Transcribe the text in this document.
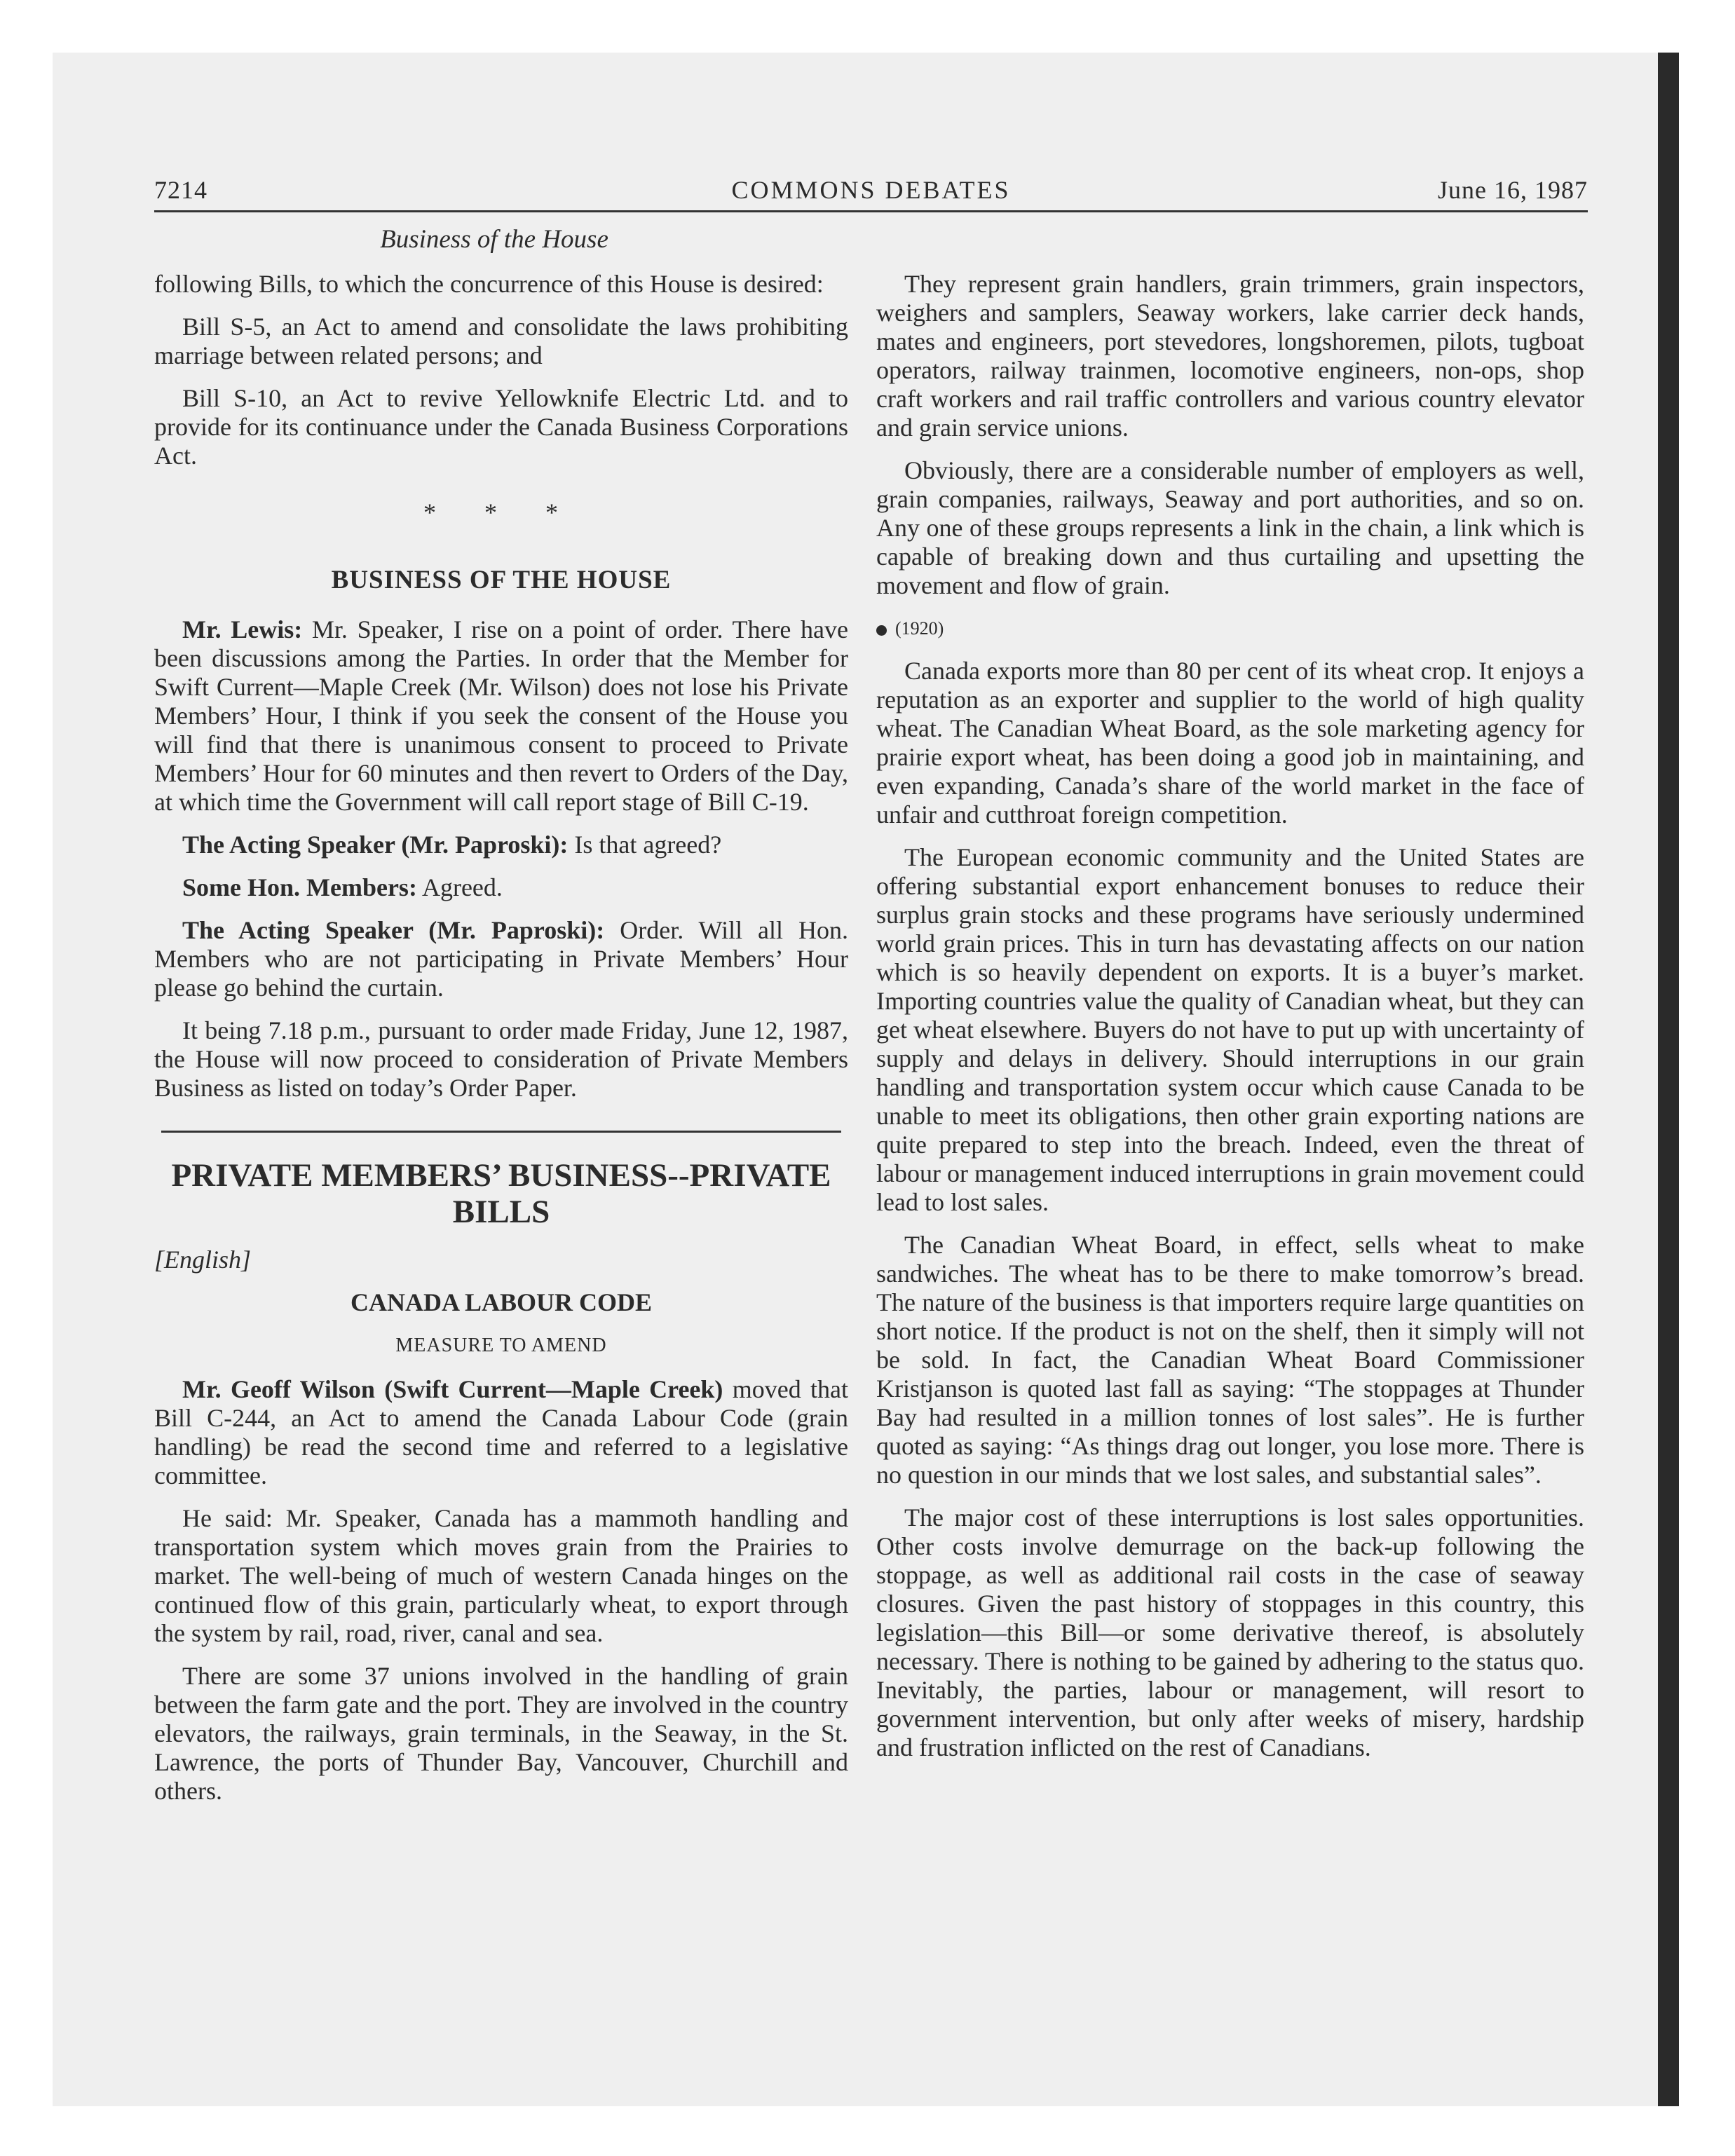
7214	COMMONS DEBATES	June 16, 1987
Business of the House

following Bills, to which the concurrence of this House is desired:

Bill S-5, an Act to amend and consolidate the laws prohibiting marriage between related persons; and

Bill S-10, an Act to revive Yellowknife Electric Ltd. and to provide for its continuance under the Canada Business Corporations Act.

* * *
BUSINESS OF THE HOUSE

Mr. Lewis: Mr. Speaker, I rise on a point of order. There have been discussions among the Parties. In order that the Member for Swift Current—Maple Creek (Mr. Wilson) does not lose his Private Members’ Hour, I think if you seek the consent of the House you will find that there is unanimous consent to proceed to Private Members’ Hour for 60 minutes and then revert to Orders of the Day, at which time the Government will call report stage of Bill C-19.

The Acting Speaker (Mr. Paproski): Is that agreed?

Some Hon. Members: Agreed.

The Acting Speaker (Mr. Paproski): Order. Will all Hon. Members who are not participating in Private Members’ Hour please go behind the curtain.

It being 7.18 p.m., pursuant to order made Friday, June 12, 1987, the House will now proceed to consideration of Private Members Business as listed on today’s Order Paper.

PRIVATE MEMBERS’ BUSINESS--PRIVATE BILLS

[English]

CANADA LABOUR CODE
MEASURE TO AMEND

Mr. Geoff Wilson (Swift Current—Maple Creek) moved that Bill C-244, an Act to amend the Canada Labour Code (grain handling) be read the second time and referred to a legislative committee.

He said: Mr. Speaker, Canada has a mammoth handling and transportation system which moves grain from the Prairies to market. The well-being of much of western Canada hinges on the continued flow of this grain, particularly wheat, to export through the system by rail, road, river, canal and sea.

There are some 37 unions involved in the handling of grain between the farm gate and the port. They are involved in the country elevators, the railways, grain terminals, in the Seaway, in the St. Lawrence, the ports of Thunder Bay, Vancouver, Churchill and others.

They represent grain handlers, grain trimmers, grain inspectors, weighers and samplers, Seaway workers, lake carrier deck hands, mates and engineers, port stevedores, longshoremen, pilots, tugboat operators, railway trainmen, locomotive engineers, non-ops, shop craft workers and rail traffic controllers and various country elevator and grain service unions.

Obviously, there are a considerable number of employers as well, grain companies, railways, Seaway and port authorities, and so on. Any one of these groups represents a link in the chain, a link which is capable of breaking down and thus curtailing and upsetting the movement and flow of grain.

(1920)

Canada exports more than 80 per cent of its wheat crop. It enjoys a reputation as an exporter and supplier to the world of high quality wheat. The Canadian Wheat Board, as the sole marketing agency for prairie export wheat, has been doing a good job in maintaining, and even expanding, Canada’s share of the world market in the face of unfair and cutthroat foreign competition.

The European economic community and the United States are offering substantial export enhancement bonuses to reduce their surplus grain stocks and these programs have seriously undermined world grain prices. This in turn has devastating affects on our nation which is so heavily dependent on exports. It is a buyer’s market. Importing countries value the quality of Canadian wheat, but they can get wheat elsewhere. Buyers do not have to put up with uncertainty of supply and delays in delivery. Should interruptions in our grain handling and transportation system occur which cause Canada to be unable to meet its obligations, then other grain exporting nations are quite prepared to step into the breach. Indeed, even the threat of labour or management induced interruptions in grain movement could lead to lost sales.

The Canadian Wheat Board, in effect, sells wheat to make sandwiches. The wheat has to be there to make tomorrow’s bread. The nature of the business is that importers require large quantities on short notice. If the product is not on the shelf, then it simply will not be sold. In fact, the Canadian Wheat Board Commissioner Kristjanson is quoted last fall as saying: “The stoppages at Thunder Bay had resulted in a million tonnes of lost sales”. He is further quoted as saying: “As things drag out longer, you lose more. There is no question in our minds that we lost sales, and substantial sales”.

The major cost of these interruptions is lost sales opportunities. Other costs involve demurrage on the back-up following the stoppage, as well as additional rail costs in the case of seaway closures. Given the past history of stoppages in this country, this legislation—this Bill—or some derivative thereof, is absolutely necessary. There is nothing to be gained by adhering to the status quo. Inevitably, the parties, labour or management, will resort to government intervention, but only after weeks of misery, hardship and frustration inflicted on the rest of Canadians.
